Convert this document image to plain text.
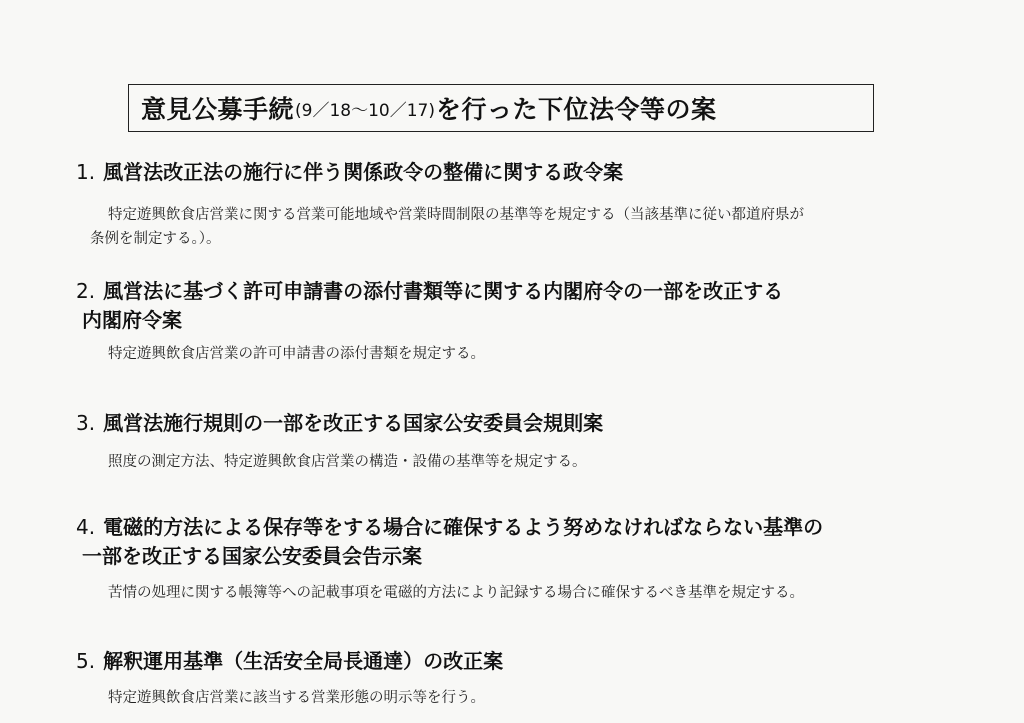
意見公募手続 (9／18～10／17) を行った下位法令等の案
1. 風営法改正法の施行に伴う関係政令の整備に関する政令案
特定遊興飲食店営業に関する営業可能地域や営業時間制限の基準等を規定する（当該基準に従い都道府県が
条例を制定する。）。
2. 風営法に基づく許可申請書の添付書類等に関する内閣府令の一部を改正する
内閣府令案
特定遊興飲食店営業の許可申請書の添付書類を規定する。
3. 風営法施行規則の一部を改正する国家公安委員会規則案
照度の測定方法、特定遊興飲食店営業の構造・設備の基準等を規定する。
4. 電磁的方法による保存等をする場合に確保するよう努めなければならない基準の
一部を改正する国家公安委員会告示案
苦情の処理に関する帳簿等への記載事項を電磁的方法により記録する場合に確保するべき基準を規定する。
5. 解釈運用基準（生活安全局長通達）の改正案
特定遊興飲食店営業に該当する営業形態の明示等を行う。
